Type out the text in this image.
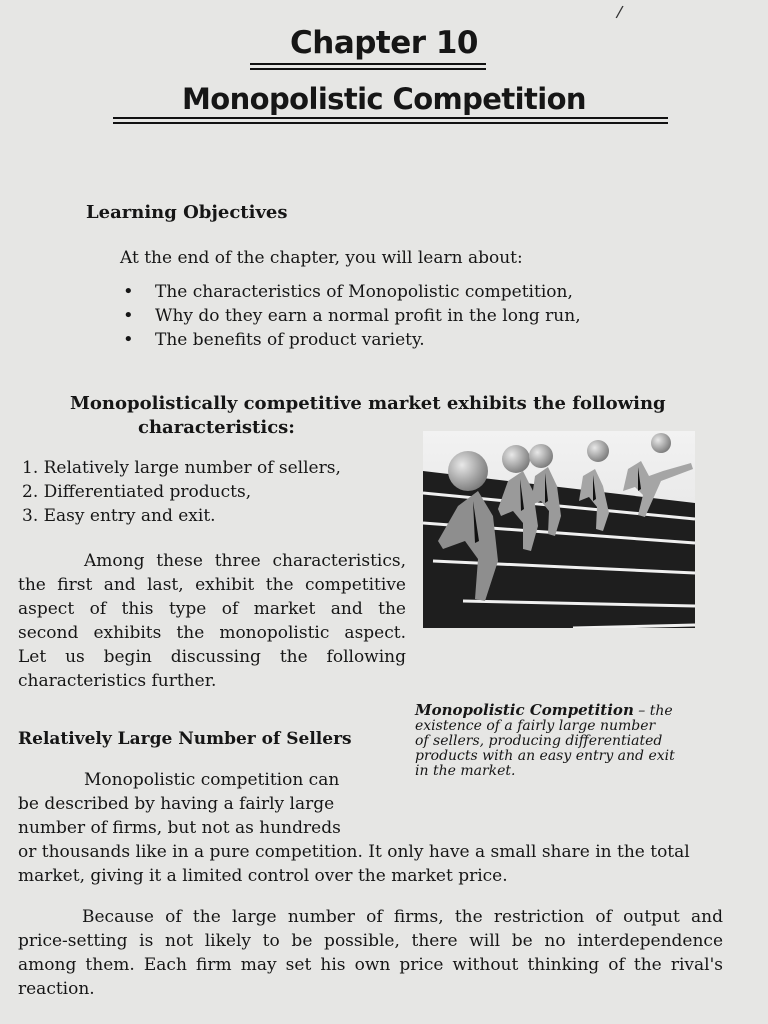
/
Chapter 10
Monopolistic Competition
Learning Objectives
At the end of the chapter, you will learn about:
• The characteristics of Monopolistic competition,
• Why do they earn a normal profit in the long run,
• The benefits of product variety.
Monopolistically competitive market exhibits the following
characteristics:
1. Relatively large number of sellers,
2. Differentiated products,
3. Easy entry and exit.
Among these three characteristics,
the first and last, exhibit the competitive
aspect of this type of market and the
second exhibits the monopolistic aspect.
Let us begin discussing the following
characteristics further.
Monopolistic Competition – the
existence of a fairly large number
of sellers, producing differentiated
products with an easy entry and exit
in the market.
Relatively Large Number of Sellers
Monopolistic competition can
be described by having a fairly large
number of firms, but not as hundreds
or thousands like in a pure competition. It only have a small share in the total
market, giving it a limited control over the market price.
Because of the large number of firms, the restriction of output and
price-setting is not likely to be possible, there will be no interdependence
among them. Each firm may set his own price without thinking of the rival's
reaction.
